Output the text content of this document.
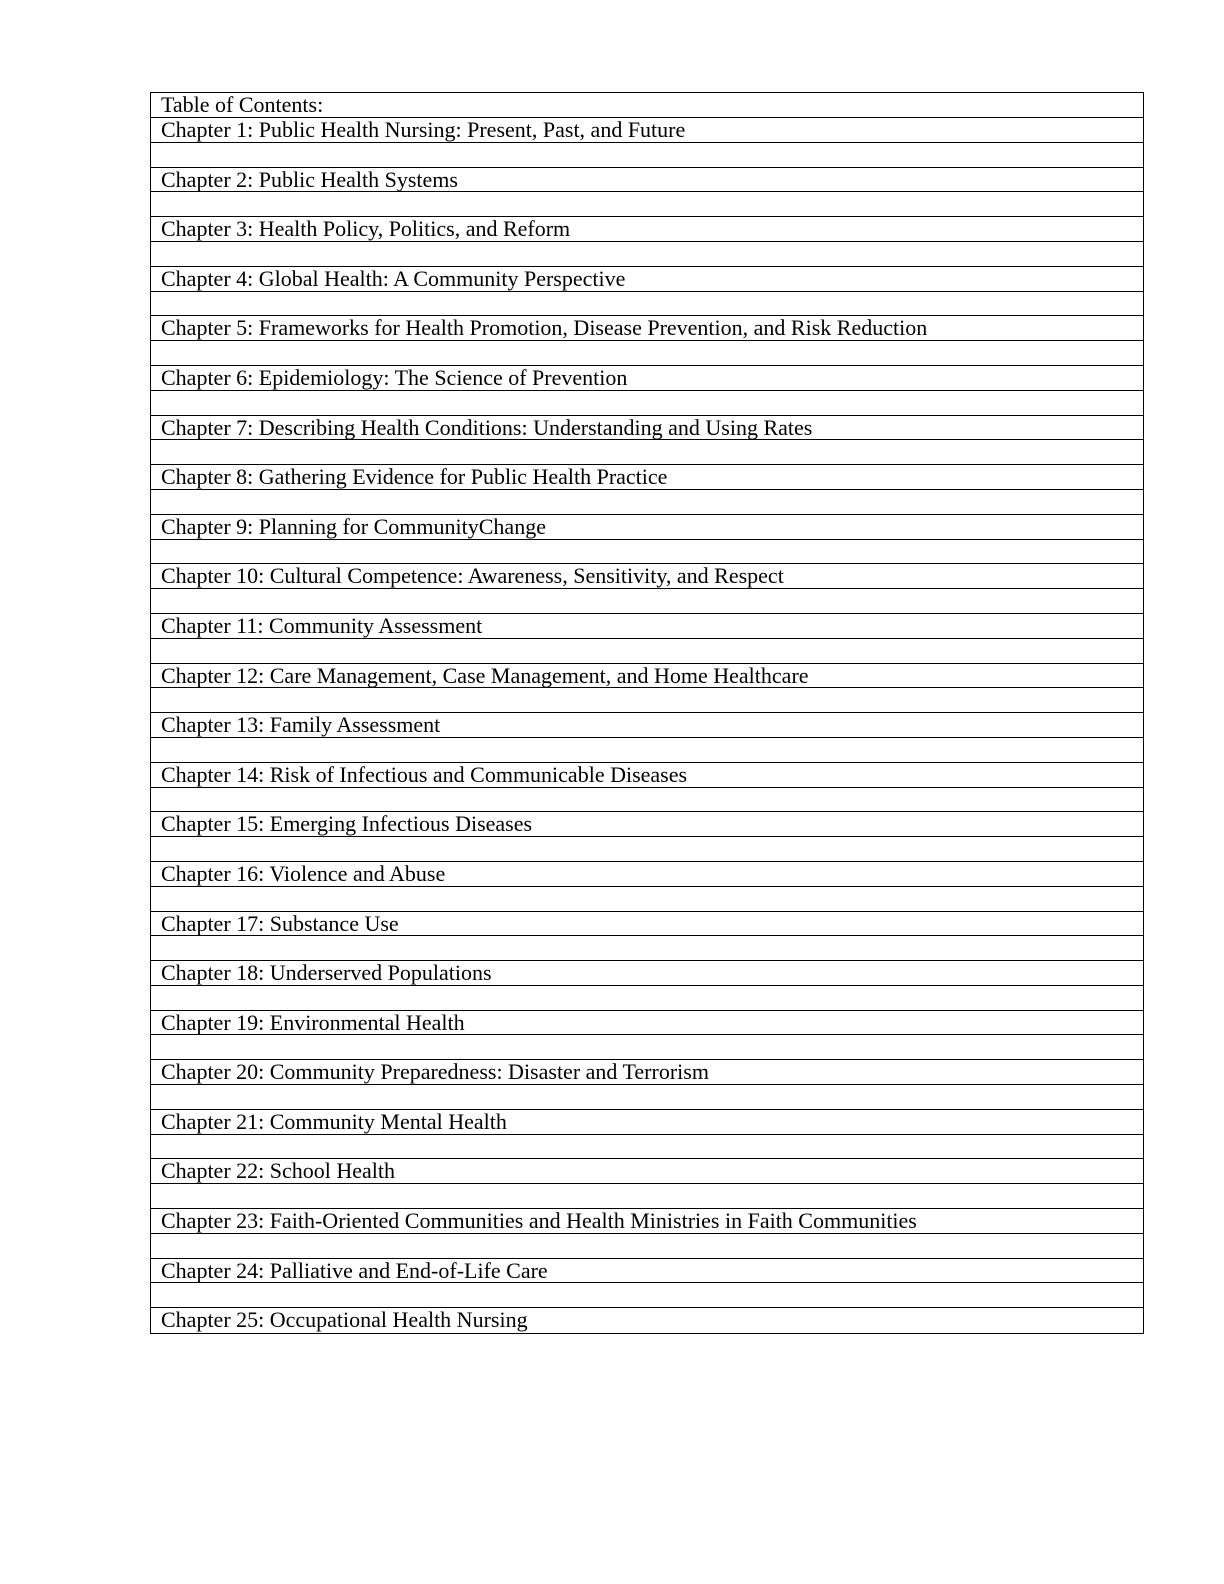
Table of Contents:
Chapter 1: Public Health Nursing: Present, Past, and Future
Chapter 2: Public Health Systems
Chapter 3: Health Policy, Politics, and Reform
Chapter 4: Global Health: A Community Perspective
Chapter 5: Frameworks for Health Promotion, Disease Prevention, and Risk Reduction
Chapter 6: Epidemiology: The Science of Prevention
Chapter 7: Describing Health Conditions: Understanding and Using Rates
Chapter 8: Gathering Evidence for Public Health Practice
Chapter 9: Planning for CommunityChange
Chapter 10: Cultural Competence: Awareness, Sensitivity, and Respect
Chapter 11: Community Assessment
Chapter 12: Care Management, Case Management, and Home Healthcare
Chapter 13: Family Assessment
Chapter 14: Risk of Infectious and Communicable Diseases
Chapter 15: Emerging Infectious Diseases
Chapter 16: Violence and Abuse
Chapter 17: Substance Use
Chapter 18: Underserved Populations
Chapter 19: Environmental Health
Chapter 20: Community Preparedness: Disaster and Terrorism
Chapter 21: Community Mental Health
Chapter 22: School Health
Chapter 23: Faith-Oriented Communities and Health Ministries in Faith Communities
Chapter 24: Palliative and End-of-Life Care
Chapter 25: Occupational Health Nursing
